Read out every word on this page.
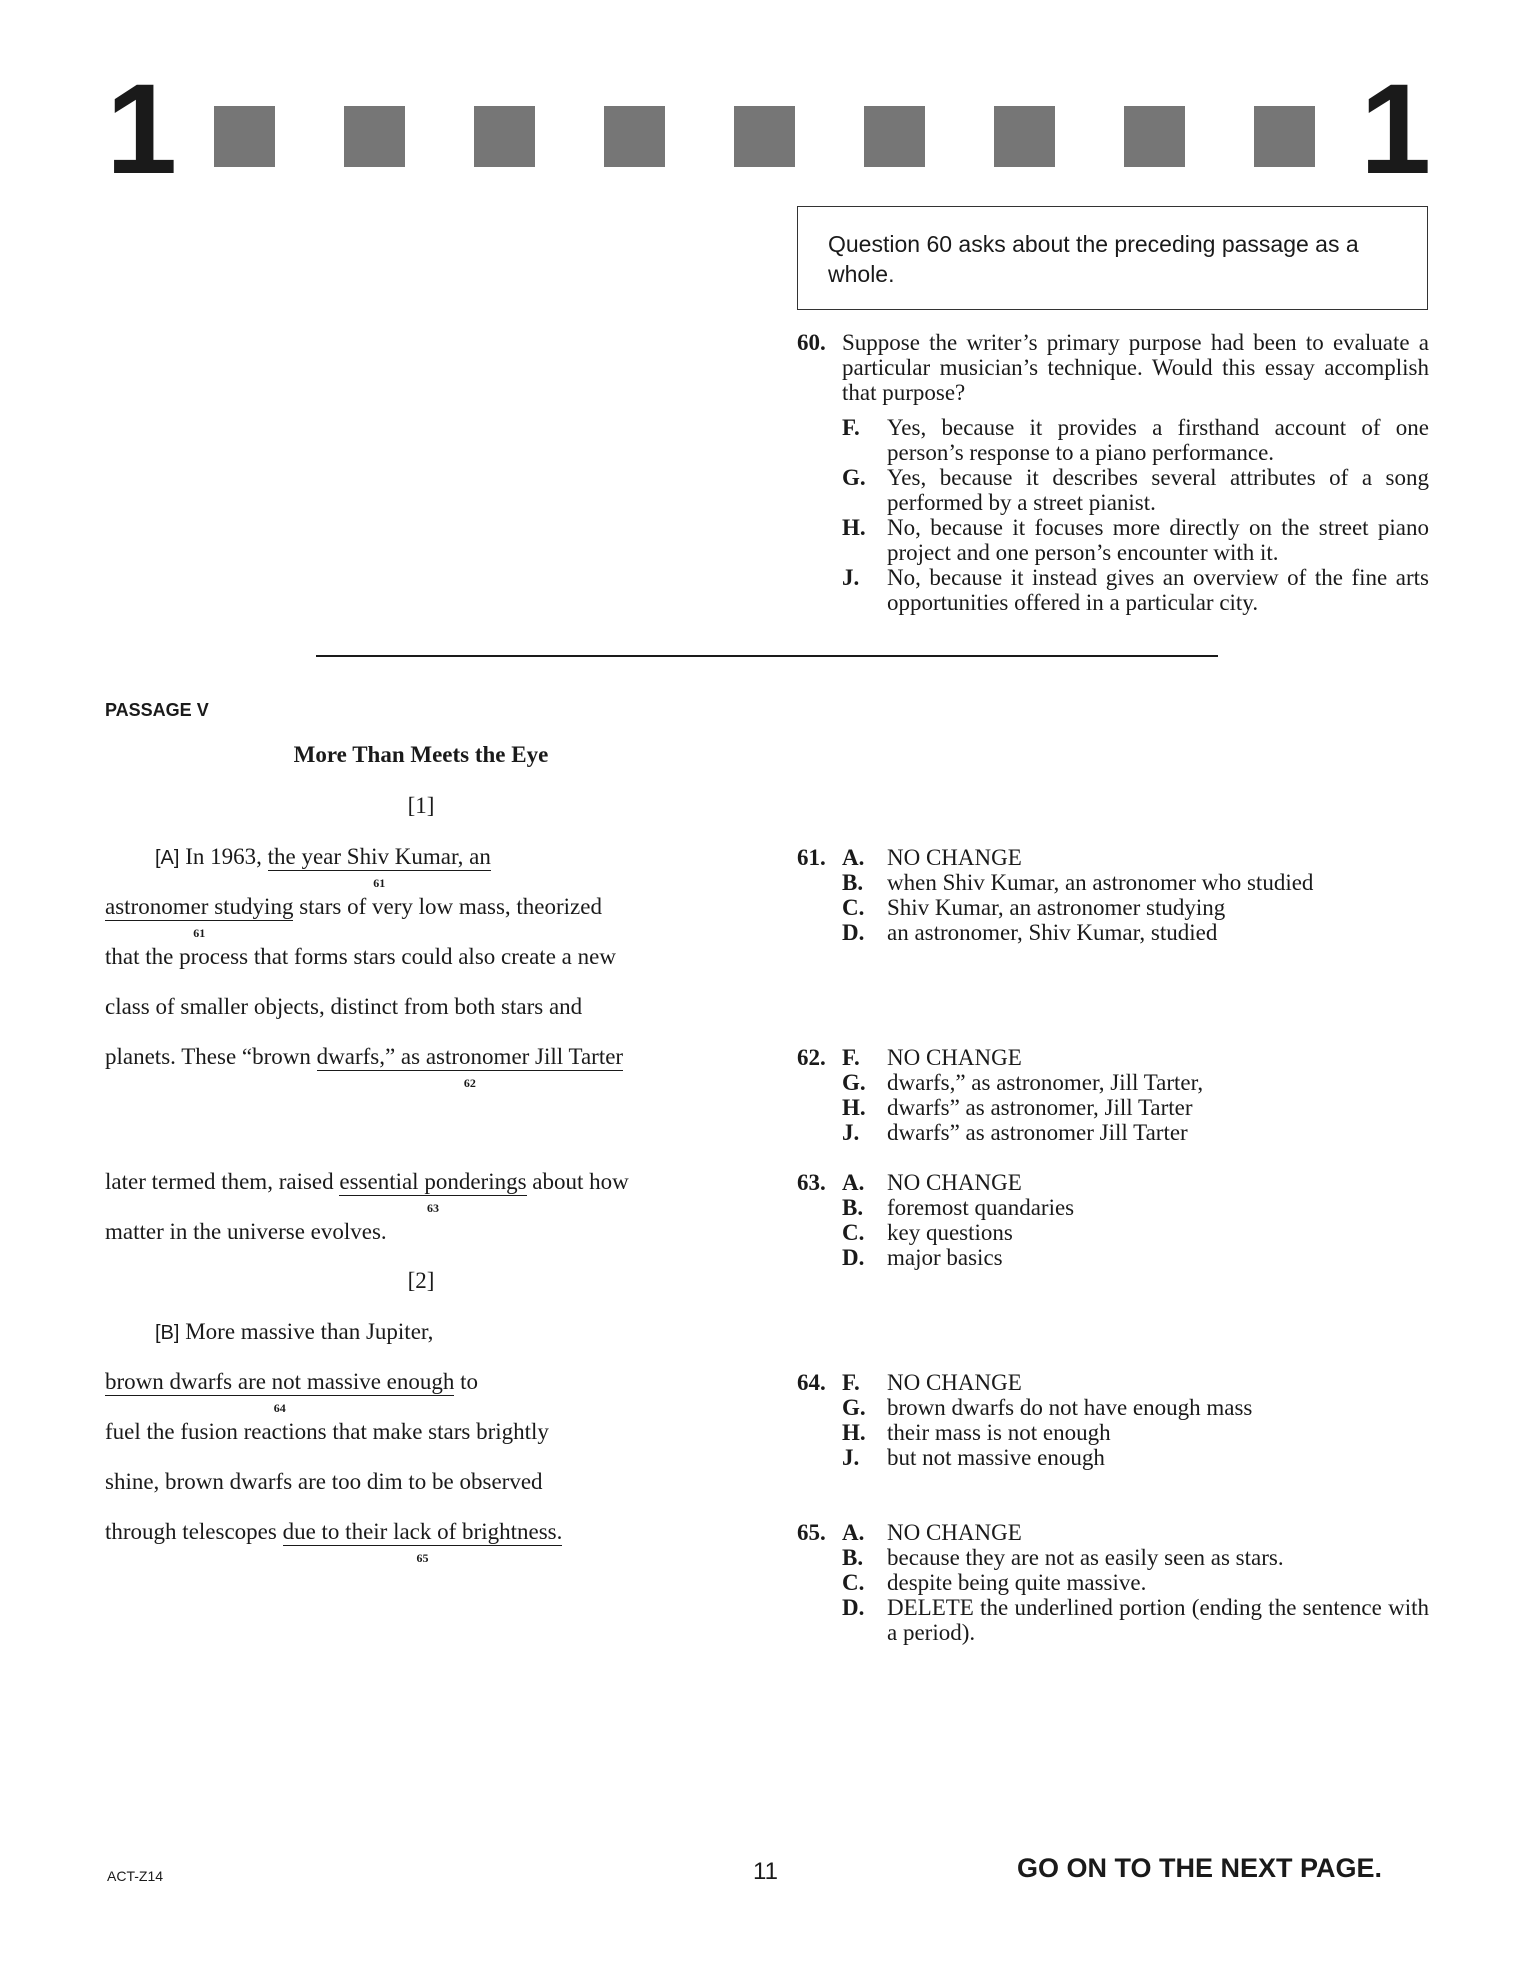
1	1
Question 60 asks about the preceding passage as a whole.
60. Suppose the writer’s primary purpose had been to evaluate a particular musician’s technique. Would this essay accomplish that purpose?
F. Yes, because it provides a firsthand account of one person’s response to a piano performance.
G. Yes, because it describes several attributes of a song performed by a street pianist.
H. No, because it focuses more directly on the street piano project and one person’s encounter with it.
J. No, because it instead gives an overview of the fine arts opportunities offered in a particular city.
PASSAGE V
More Than Meets the Eye
[1]
[A] In 1963, the year Shiv Kumar, an
61
astronomer studying
61
stars of very low mass, theorized
that the process that forms stars could also create a new
class of smaller objects, distinct from both stars and
planets. These “brown dwarfs,” as astronomer Jill Tarter
62
later termed them, raised essential ponderings
63
about how
matter in the universe evolves.
[2]
[B] More massive than Jupiter,
brown dwarfs are not massive enough
64
to
fuel the fusion reactions that make stars brightly
shine, brown dwarfs are too dim to be observed
through telescopes due to their lack of brightness.
65
61. A. NO CHANGE
B. when Shiv Kumar, an astronomer who studied
C. Shiv Kumar, an astronomer studying
D. an astronomer, Shiv Kumar, studied
62. F. NO CHANGE
G. dwarfs,” as astronomer, Jill Tarter,
H. dwarfs” as astronomer, Jill Tarter
J. dwarfs” as astronomer Jill Tarter
63. A. NO CHANGE
B. foremost quandaries
C. key questions
D. major basics
64. F. NO CHANGE
G. brown dwarfs do not have enough mass
H. their mass is not enough
J. but not massive enough
65. A. NO CHANGE
B. because they are not as easily seen as stars.
C. despite being quite massive.
D. DELETE the underlined portion (ending the sentence with a period).
ACT-Z14	11	GO ON TO THE NEXT PAGE.
